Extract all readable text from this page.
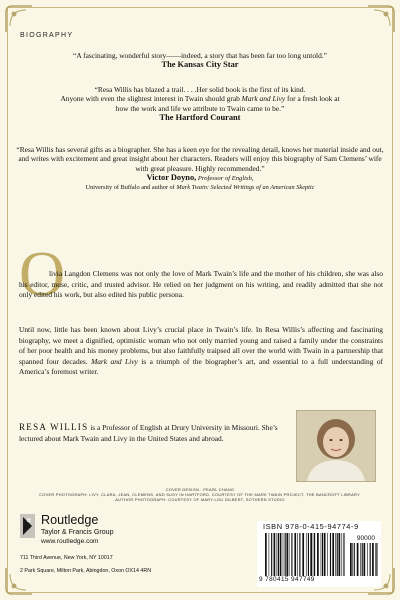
BIOGRAPHY
“A fascinating, wonderful story——indeed, a story that has been far too long untold.”
The Kansas City Star
“Resa Willis has blazed a trail. . . .Her solid book is the first of its kind.
Anyone with even the slightest interest in Twain should grab Mark and Livy for a fresh look at
how the work and life we attribute to Twain came to be.”
The Hartford Courant
“Resa Willis has several gifts as a biographer. She has a keen eye for the revealing detail, knows her material inside and out, and writes with excitement and great insight about her characters. Readers will enjoy this biography of Sam Clemens’ wife with great pleasure. Highly recommended.”
Victor Doyno, Professor of English,
University of Buffalo and author of Mark Twain: Selected Writings of an American Skeptic
O
livia Langdon Clemens was not only the love of Mark Twain’s life and the mother of his children, she was also his editor, muse, critic, and trusted advisor. He relied on her judgment on his writing, and readily admitted that she not only edited his work, but also edited his public persona.
Until now, little has been known about Livy’s crucial place in Twain’s life. In Resa Willis’s affecting and fascinating biography, we meet a dignified, optimistic woman who not only married young and raised a family under the constraints of her poor health and his money problems, but also faithfully traipsed all over the world with Twain in a partnership that spanned four decades. Mark and Livy is a triumph of the biographer’s art, and essential to a full understanding of America’s foremost writer.
RESA WILLIS is a Professor of English at Drury University in Missouri. She’s lectured about Mark Twain and Livy in the United States and abroad.
COVER DESIGN : PEARL CHANG
COVER PHOTOGRAPH: LIVY, CLARA, JEAN, CLEMENS, AND SUSY IN HARTFORD. COURTESY OF THE MARK TWAIN PROJECT, THE BANCROFT LIBRARY.
AUTHOR PHOTOGRAPH: COURTESY OF MARY-LOU GILBERT, SOTHERN STUDIO
R Routledge
Taylor & Francis Group
www.routledge.com
711 Third Avenue, New York, NY 10017
2 Park Square, Milton Park, Abingdon, Oxon OX14 4RN
ISBN 978-0-415-94774-9
90000
9 780415 947749
